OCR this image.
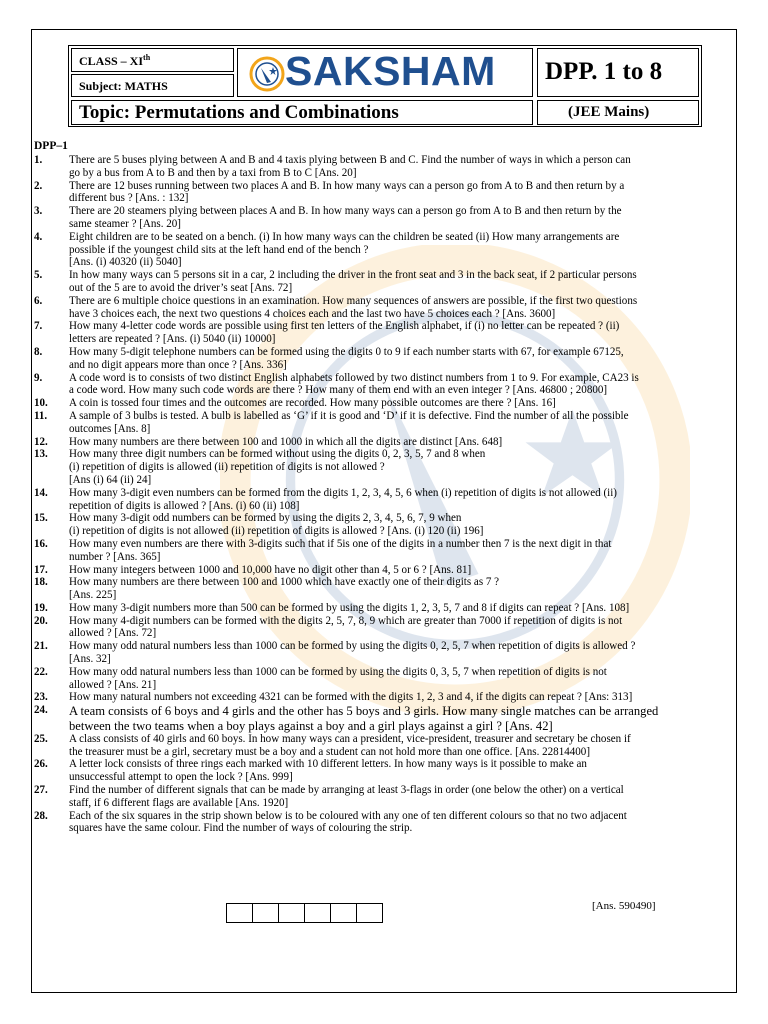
CLASS – XIth
Subject: MATHS	SAKSHAM DPP. 1 to 8
Topic: Permutations and Combinations	(JEE Mains)
DPP–1
1.	There are 5 buses plying between A and B and 4 taxis plying between B and C. Find the number of ways in which a person can
go by a bus from A to B and then by a taxi from B to C [Ans. 20]
2.	There are 12 buses running between two places A and B. In how many ways can a person go from A to B and then return by a
different bus ? [Ans. : 132]
3.	There are 20 steamers plying between places A and B. In how many ways can a person go from A to B and then return by the
same steamer ? [Ans. 20]
4.	Eight children are to be seated on a bench. (i) In how many ways can the children be seated (ii) How many arrangements are
possible if the youngest child sits at the left hand end of the bench ?
[Ans. (i) 40320 (ii) 5040]
5.	In how many ways can 5 persons sit in a car, 2 including the driver in the front seat and 3 in the back seat, if 2 particular persons
out of the 5 are to avoid the driver’s seat [Ans. 72]
6.	There are 6 multiple choice questions in an examination. How many sequences of answers are possible, if the first two questions
have 3 choices each, the next two questions 4 choices each and the last two have 5 choices each ? [Ans. 3600]
7.	How many 4-letter code words are possible using first ten letters of the English alphabet, if (i) no letter can be repeated ? (ii)
letters are repeated ? [Ans. (i) 5040 (ii) 10000]
8.	How many 5-digit telephone numbers can be formed using the digits 0 to 9 if each number starts with 67, for example 67125,
and no digit appears more than once ? [Ans. 336]
9.	A code word is to consists of two distinct English alphabets followed by two distinct numbers from 1 to 9. For example, CA23 is
a code word. How many such code words are there ? How many of them end with an even integer ? [Ans. 46800 ; 20800]
10.	A coin is tossed four times and the outcomes are recorded. How many possible outcomes are there ? [Ans. 16]
11.	A sample of 3 bulbs is tested. A bulb is labelled as ‘G’ if it is good and ‘D’ if it is defective. Find the number of all the possible
outcomes [Ans. 8]
12.	How many numbers are there between 100 and 1000 in which all the digits are distinct [Ans. 648]
13.	How many three digit numbers can be formed without using the digits 0, 2, 3, 5, 7 and 8 when
(i) repetition of digits is allowed (ii) repetition of digits is not allowed ?
[Ans (i) 64 (ii) 24]
14.	How many 3-digit even numbers can be formed from the digits 1, 2, 3, 4, 5, 6 when (i) repetition of digits is not allowed (ii)
repetition of digits is allowed ? [Ans. (i) 60 (ii) 108]
15.	How many 3-digit odd numbers can be formed by using the digits 2, 3, 4, 5, 6, 7, 9 when
(i) repetition of digits is not allowed (ii) repetition of digits is allowed ? [Ans. (i) 120 (ii) 196]
16.	How many even numbers are there with 3-digits such that if 5is one of the digits in a number then 7 is the next digit in that
number ? [Ans. 365]
17.	How many integers between 1000 and 10,000 have no digit other than 4, 5 or 6 ? [Ans. 81]
18.	How many numbers are there between 100 and 1000 which have exactly one of their digits as 7 ?
[Ans. 225]
19.	How many 3-digit numbers more than 500 can be formed by using the digits 1, 2, 3, 5, 7 and 8 if digits can repeat ? [Ans. 108]
20.	How many 4-digit numbers can be formed with the digits 2, 5, 7, 8, 9 which are greater than 7000 if repetition of digits is not
allowed ? [Ans. 72]
21.	How many odd natural numbers less than 1000 can be formed by using the digits 0, 2, 5, 7 when repetition of digits is allowed ?
[Ans. 32]
22.	How many odd natural numbers less than 1000 can be formed by using the digits 0, 3, 5, 7 when repetition of digits is not
allowed ? [Ans. 21]
23.	How many natural numbers not exceeding 4321 can be formed with the digits 1, 2, 3 and 4, if the digits can repeat ? [Ans: 313]
24.	A team consists of 6 boys and 4 girls and the other has 5 boys and 3 girls. How many single matches can be arranged
between the two teams when a boy plays against a boy and a girl plays against a girl ? [Ans. 42]
25.	A class consists of 40 girls and 60 boys. In how many ways can a president, vice-president, treasurer and secretary be chosen if
the treasurer must be a girl, secretary must be a boy and a student can not hold more than one office. [Ans. 22814400]
26.	A letter lock consists of three rings each marked with 10 different letters. In how many ways is it possible to make an
unsuccessful attempt to open the lock ? [Ans. 999]
27.	Find the number of different signals that can be made by arranging at least 3-flags in order (one below the other) on a vertical
staff, if 6 different flags are available [Ans. 1920]
28.	Each of the six squares in the strip shown below is to be coloured with any one of ten different colours so that no two adjacent
squares have the same colour. Find the number of ways of colouring the strip.
[Ans. 590490]
